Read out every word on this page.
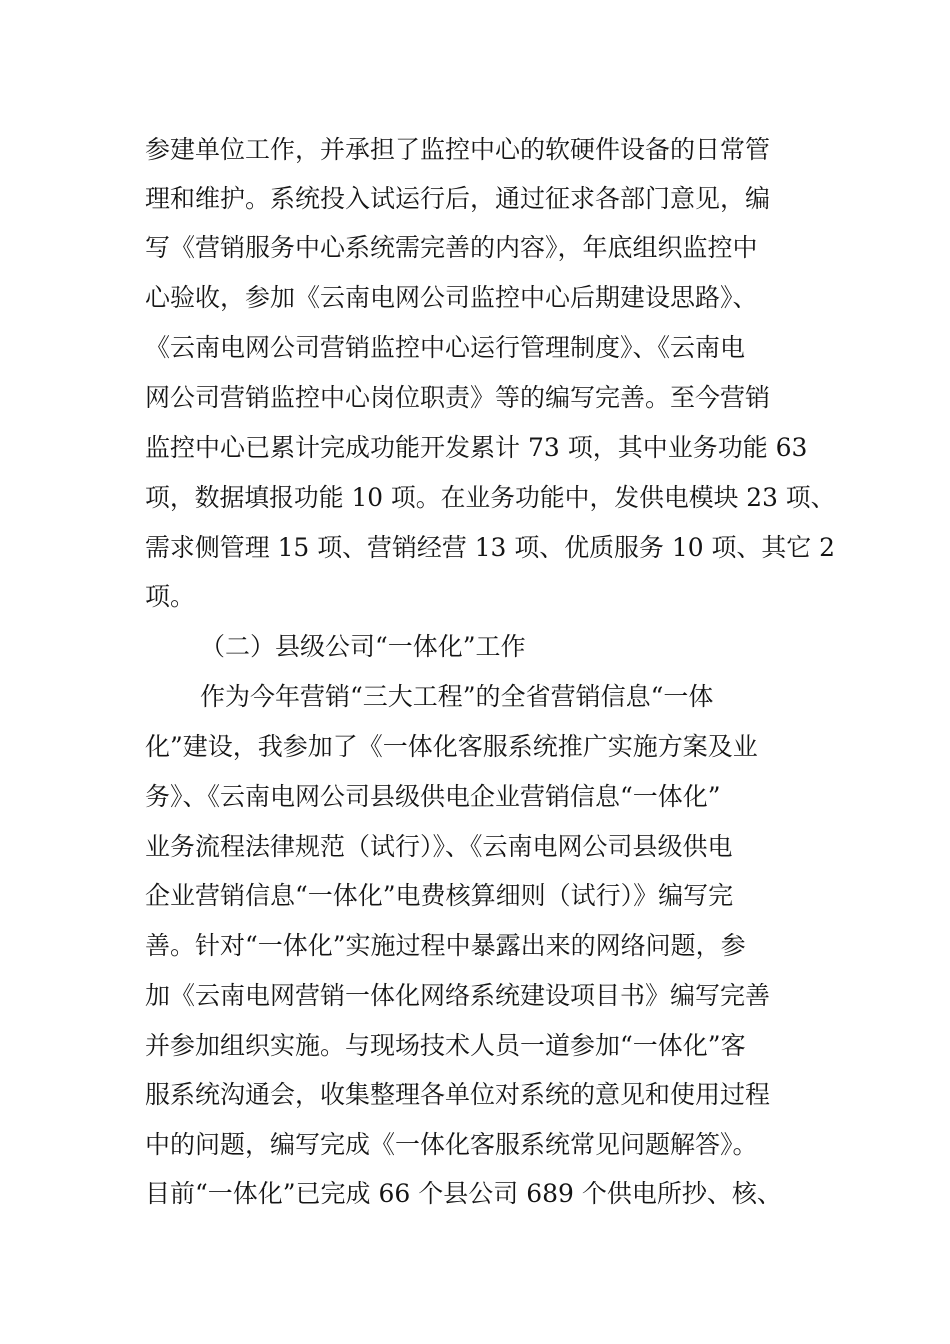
参建单位工作，并承担了监控中心的软硬件设备的日常管
理和维护。系统投入试运行后，通过征求各部门意见，编
写《营销服务中心系统需完善的内容》，年底组织监控中
心验收，参加《云南电网公司监控中心后期建设思路》、
《云南电网公司营销监控中心运行管理制度》、《云南电
网公司营销监控中心岗位职责》等的编写完善。至今营销
监控中心已累计完成功能开发累计 73 项，其中业务功能 63
项，数据填报功能 10 项。在业务功能中，发供电模块 23 项、
需求侧管理 15 项、营销经营 13 项、优质服务 10 项、其它 2
项。
（二）县级公司“一体化”工作
作为今年营销“三大工程”的全省营销信息“一体
化”建设，我参加了《一体化客服系统推广实施方案及业
务》、《云南电网公司县级供电企业营销信息“一体化”
业务流程法律规范（试行）》、《云南电网公司县级供电
企业营销信息“一体化”电费核算细则（试行）》编写完
善。针对“一体化”实施过程中暴露出来的网络问题，参
加《云南电网营销一体化网络系统建设项目书》编写完善
并参加组织实施。与现场技术人员一道参加“一体化”客
服系统沟通会，收集整理各单位对系统的意见和使用过程
中的问题，编写完成《一体化客服系统常见问题解答》。
目前“一体化”已完成 66 个县公司 689 个供电所抄、核、
